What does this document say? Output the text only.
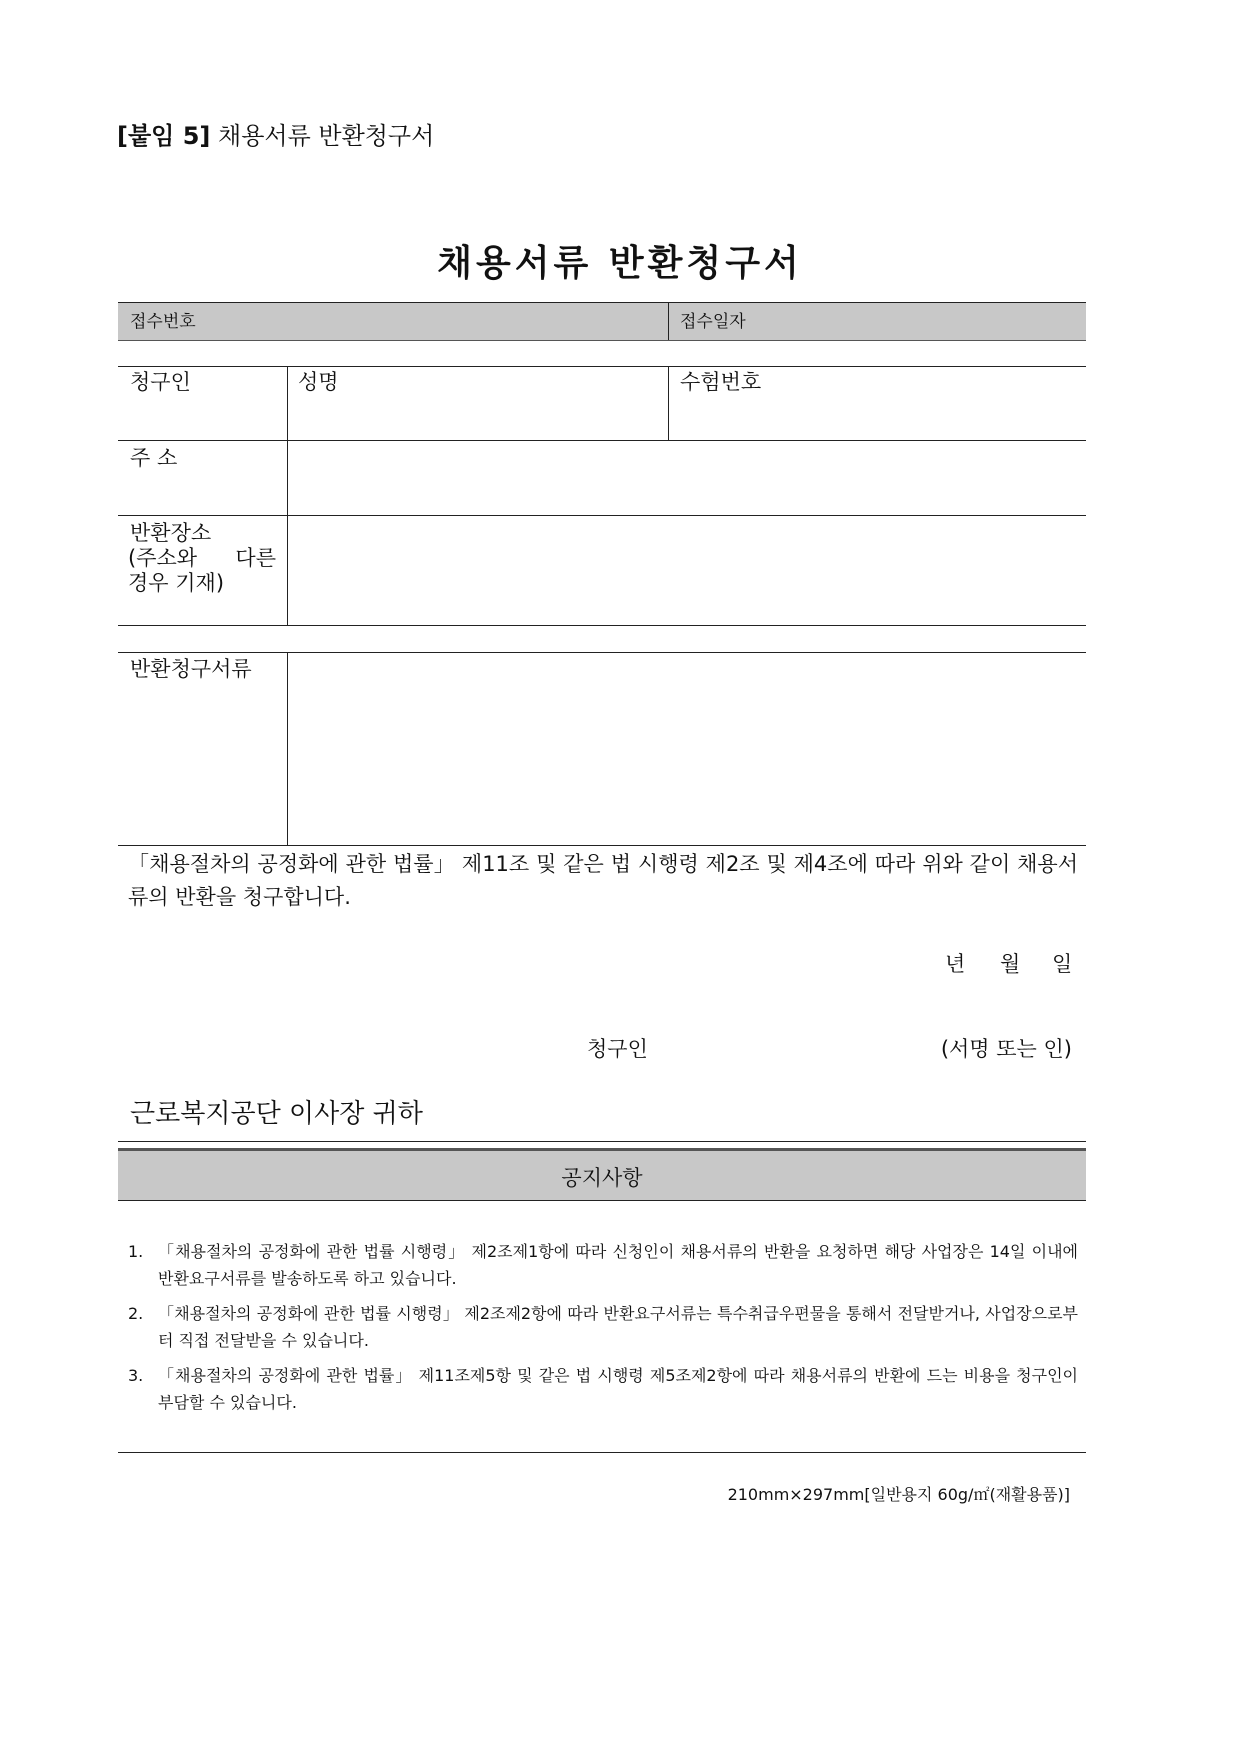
[붙임 5] 채용서류 반환청구서
채용서류 반환청구서
접수번호	접수일자
청구인	성명	수험번호
주 소
반환장소
(주소와 다른
경우 기재)
반환청구서류
「채용절차의 공정화에 관한 법률」 제11조 및 같은 법 시행령 제2조 및 제4조에 따라 위와 같이 채용서류의 반환을 청구합니다.
년 월 일
청구인	(서명 또는 인)
근로복지공단 이사장 귀하
공지사항
1. 「채용절차의 공정화에 관한 법률 시행령」 제2조제1항에 따라 신청인이 채용서류의 반환을 요청하면 해당 사업장은 14일 이내에 반환요구서류를 발송하도록 하고 있습니다.
2. 「채용절차의 공정화에 관한 법률 시행령」 제2조제2항에 따라 반환요구서류는 특수취급우편물을 통해서 전달받거나, 사업장으로부터 직접 전달받을 수 있습니다.
3. 「채용절차의 공정화에 관한 법률」 제11조제5항 및 같은 법 시행령 제5조제2항에 따라 채용서류의 반환에 드는 비용을 청구인이 부담할 수 있습니다.
210mm×297mm[일반용지 60g/㎡(재활용품)]
